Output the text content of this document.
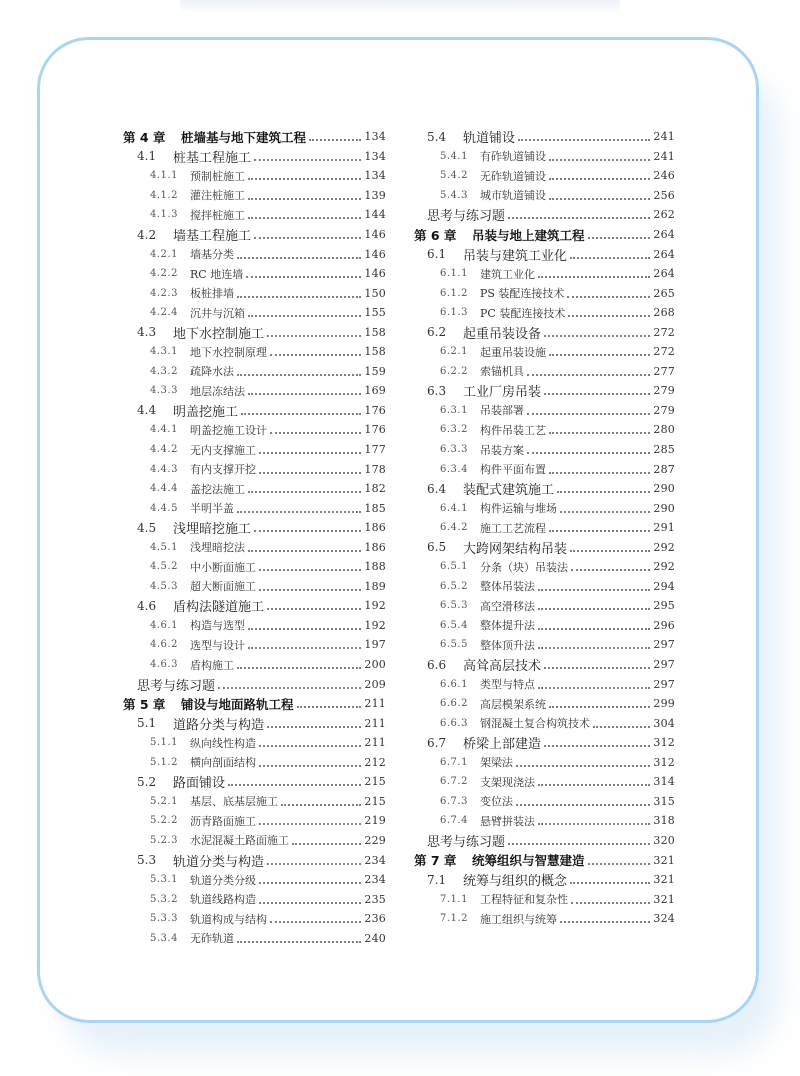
第 4 章	桩墙基与地下建筑工程	134
4.1	桩基工程施工	134
4.1.1	预制桩施工	134
4.1.2	灌注桩施工	139
4.1.3	搅拌桩施工	144
4.2	墙基工程施工	146
4.2.1	墙基分类	146
4.2.2	RC 地连墙	146
4.2.3	板桩排墙	150
4.2.4	沉井与沉箱	155
4.3	地下水控制施工	158
4.3.1	地下水控制原理	158
4.3.2	疏降水法	159
4.3.3	地层冻结法	169
4.4	明盖挖施工	176
4.4.1	明盖挖施工设计	176
4.4.2	无内支撑施工	177
4.4.3	有内支撑开挖	178
4.4.4	盖挖法施工	182
4.4.5	半明半盖	185
4.5	浅埋暗挖施工	186
4.5.1	浅埋暗挖法	186
4.5.2	中小断面施工	188
4.5.3	超大断面施工	189
4.6	盾构法隧道施工	192
4.6.1	构造与选型	192
4.6.2	选型与设计	197
4.6.3	盾构施工	200
思考与练习题	209
第 5 章	铺设与地面路轨工程	211
5.1	道路分类与构造	211
5.1.1	纵向线性构造	211
5.1.2	横向剖面结构	212
5.2	路面铺设	215
5.2.1	基层、底基层施工	215
5.2.2	沥青路面施工	219
5.2.3	水泥混凝土路面施工	229
5.3	轨道分类与构造	234
5.3.1	轨道分类分级	234
5.3.2	轨道线路构造	235
5.3.3	轨道构成与结构	236
5.3.4	无砟轨道	240
5.4	轨道铺设	241
5.4.1	有砟轨道铺设	241
5.4.2	无砟轨道铺设	246
5.4.3	城市轨道铺设	256
思考与练习题	262
第 6 章	吊装与地上建筑工程	264
6.1	吊装与建筑工业化	264
6.1.1	建筑工业化	264
6.1.2	PS 装配连接技术	265
6.1.3	PC 装配连接技术	268
6.2	起重吊装设备	272
6.2.1	起重吊装设施	272
6.2.2	索锚机具	277
6.3	工业厂房吊装	279
6.3.1	吊装部署	279
6.3.2	构件吊装工艺	280
6.3.3	吊装方案	285
6.3.4	构件平面布置	287
6.4	装配式建筑施工	290
6.4.1	构件运输与堆场	290
6.4.2	施工工艺流程	291
6.5	大跨网架结构吊装	292
6.5.1	分条（块）吊装法	292
6.5.2	整体吊装法	294
6.5.3	高空滑移法	295
6.5.4	整体提升法	296
6.5.5	整体顶升法	297
6.6	高耸高层技术	297
6.6.1	类型与特点	297
6.6.2	高层模架系统	299
6.6.3	钢混凝土复合构筑技术	304
6.7	桥梁上部建造	312
6.7.1	架梁法	312
6.7.2	支架现浇法	314
6.7.3	变位法	315
6.7.4	悬臂拼装法	318
思考与练习题	320
第 7 章	统筹组织与智慧建造	321
7.1	统筹与组织的概念	321
7.1.1	工程特征和复杂性	321
7.1.2	施工组织与统筹	324
